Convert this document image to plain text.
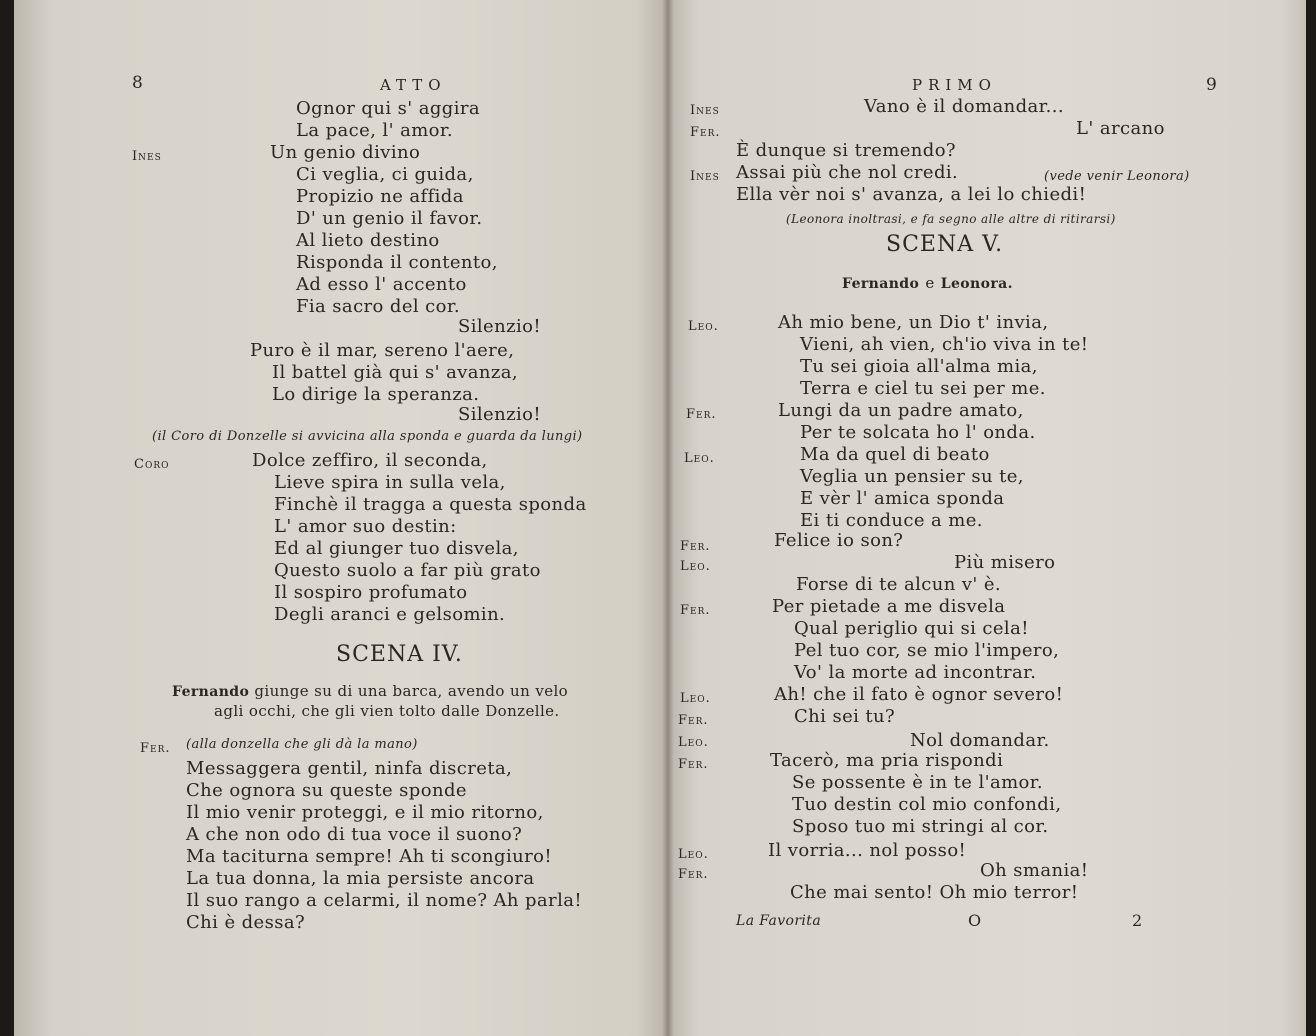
8	ATTO
Ognor qui s' aggira
La pace, l' amor.
Ines	Un genio divino
Ci veglia, ci guida,
Propizio ne affida
D' un genio il favor.
Al lieto destino
Risponda il contento,
Ad esso l' accento
Fia sacro del cor.
Silenzio!
Puro è il mar, sereno l'aere,
Il battel già qui s' avanza,
Lo dirige la speranza.
Silenzio!
(il Coro di Donzelle si avvicina alla sponda e guarda da lungi)
Coro	Dolce zeffiro, il seconda,
Lieve spira in sulla vela,
Finchè il tragga a questa sponda
L' amor suo destin:
Ed al giunger tuo disvela,
Questo suolo a far più grato
Il sospiro profumato
Degli aranci e gelsomin.
SCENA IV.
Fernando giunge su di una barca, avendo un velo
agli occhi, che gli vien tolto dalle Donzelle.
Fer. (alla donzella che gli dà la mano)
Messaggera gentil, ninfa discreta,
Che ognora su queste sponde
Il mio venir proteggi, e il mio ritorno,
A che non odo di tua voce il suono?
Ma taciturna sempre! Ah ti scongiuro!
La tua donna, la mia persiste ancora
Il suo rango a celarmi, il nome? Ah parla!
Chi è dessa?
PRIMO	9
Ines	Vano è il domandar...
Fer.	L' arcano
È dunque si tremendo?
Ines Assai più che nol credi.	(vede venir Leonora)
Ella vèr noi s' avanza, a lei lo chiedi!
(Leonora inoltrasi, e fa segno alle altre di ritirarsi)
SCENA V.
Fernando e Leonora.
Leo.	Ah mio bene, un Dio t' invia,
Vieni, ah vien, ch'io viva in te!
Tu sei gioia all'alma mia,
Terra e ciel tu sei per me.
Fer.	Lungi da un padre amato,
Per te solcata ho l' onda.
Leo.	Ma da quel di beato
Veglia un pensier su te,
E vèr l' amica sponda
Ei ti conduce a me.
Fer.	Felice io son?
Leo.	Più misero
Forse di te alcun v' è.
Fer.	Per pietade a me disvela
Qual periglio qui si cela!
Pel tuo cor, se mio l'impero,
Vo' la morte ad incontrar.
Leo.	Ah! che il fato è ognor severo!
Fer.	Chi sei tu?
Leo.	Nol domandar.
Fer.	Tacerò, ma pria rispondi
Se possente è in te l'amor.
Tuo destin col mio confondi,
Sposo tuo mi stringi al cor.
Leo.	Il vorria... nol posso!
Fer.	Oh smania!
Che mai sento! Oh mio terror!
La Favorita	O	2
